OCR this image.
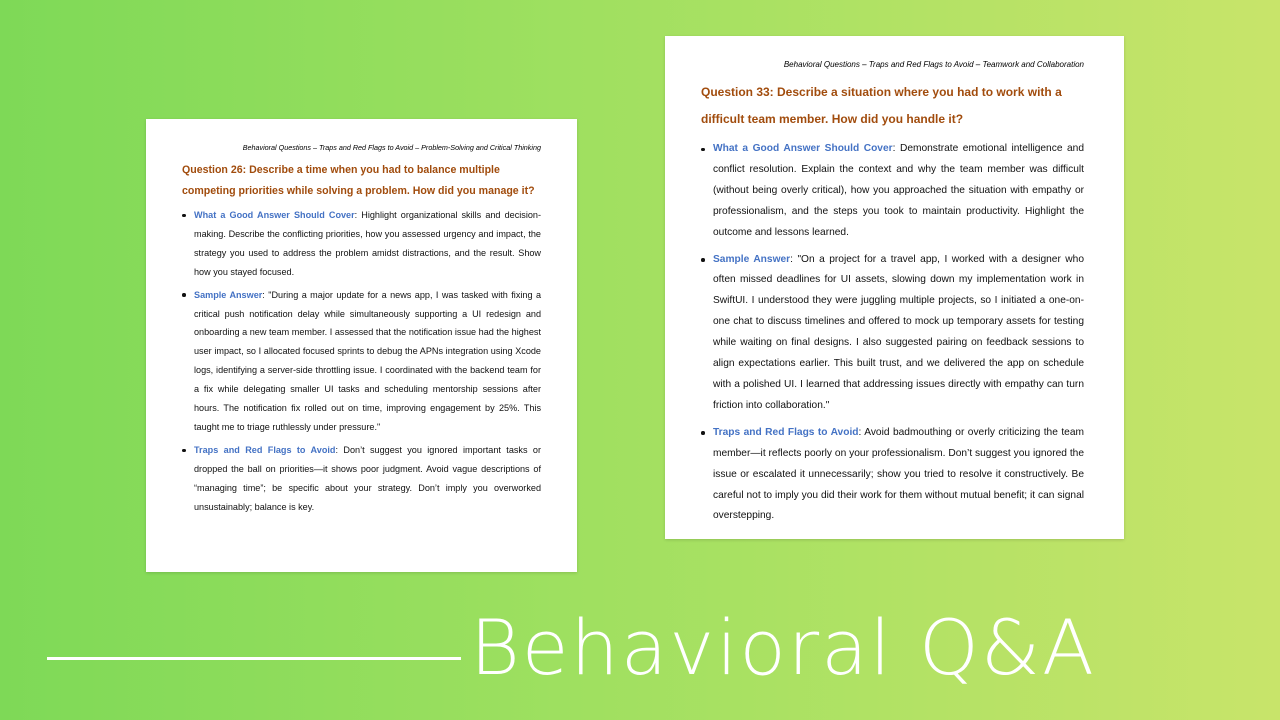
Behavioral Questions – Traps and Red Flags to Avoid – Problem-Solving and Critical Thinking

Question 26: Describe a time when you had to balance multiple competing priorities while solving a problem. How did you manage it?

What a Good Answer Should Cover: Highlight organizational skills and decision- making. Describe the conflicting priorities, how you assessed urgency and impact, the strategy you used to address the problem amidst distractions, and the result. Show how you stayed focused.
Sample Answer: "During a major update for a news app, I was tasked with fixing a critical push notification delay while simultaneously supporting a UI redesign and onboarding a new team member. I assessed that the notification issue had the highest user impact, so I allocated focused sprints to debug the APNs integration using Xcode logs, identifying a server-side throttling issue. I coordinated with the backend team for a fix while delegating smaller UI tasks and scheduling mentorship sessions after hours. The notification fix rolled out on time, improving engagement by 25%. This taught me to triage ruthlessly under pressure."
Traps and Red Flags to Avoid: Don’t suggest you ignored important tasks or dropped the ball on priorities—it shows poor judgment. Avoid vague descriptions of “managing time”; be specific about your strategy. Don’t imply you overworked unsustainably; balance is key.

Behavioral Questions – Traps and Red Flags to Avoid – Teamwork and Collaboration

Question 33: Describe a situation where you had to work with a difficult team member. How did you handle it?

What a Good Answer Should Cover: Demonstrate emotional intelligence and conflict resolution. Explain the context and why the team member was difficult (without being overly critical), how you approached the situation with empathy or professionalism, and the steps you took to maintain productivity. Highlight the outcome and lessons learned.
Sample Answer: "On a project for a travel app, I worked with a designer who often missed deadlines for UI assets, slowing down my implementation work in SwiftUI. I understood they were juggling multiple projects, so I initiated a one-on-one chat to discuss timelines and offered to mock up temporary assets for testing while waiting on final designs. I also suggested pairing on feedback sessions to align expectations earlier. This built trust, and we delivered the app on schedule with a polished UI. I learned that addressing issues directly with empathy can turn friction into collaboration."
Traps and Red Flags to Avoid: Avoid badmouthing or overly criticizing the team member—it reflects poorly on your professionalism. Don’t suggest you ignored the issue or escalated it unnecessarily; show you tried to resolve it constructively. Be careful not to imply you did their work for them without mutual benefit; it can signal overstepping.

Behavioral Q&A
